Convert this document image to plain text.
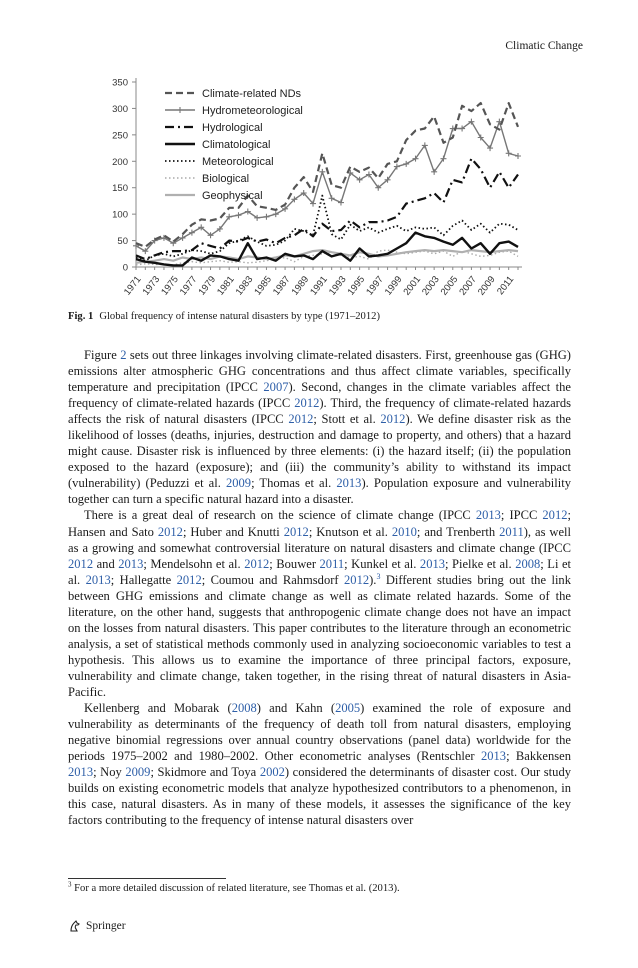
Climatic Change
0
50
100
150
200
250
300
350
1971
1973
1975
1977
1979
1981
1983
1985
1987
1989
1991
1993
1995
1997
1999
2001
2003
2005
2007
2009
2011
Climate-related NDs
Hydrometeorological
Hydrological
Climatological
Meteorological
Biological
Geophysical
Fig. 1 Global frequency of intense natural disasters by type (1971–2012)

Figure 2 sets out three linkages involving climate-related disasters. First, greenhouse gas (GHG) emissions alter atmospheric GHG concentrations and thus affect climate variables, specifically temperature and precipitation (IPCC 2007). Second, changes in the climate variables affect the frequency of climate-related hazards (IPCC 2012). Third, the frequency of climate-related hazards affects the risk of natural disasters (IPCC 2012; Stott et al. 2012). We define disaster risk as the likelihood of losses (deaths, injuries, destruction and damage to property, and others) that a hazard might cause. Disaster risk is influenced by three elements: (i) the hazard itself; (ii) the population exposed to the hazard (exposure); and (iii) the community’s ability to withstand its impact (vulnerability) (Peduzzi et al. 2009; Thomas et al. 2013). Population exposure and vulnerability together can turn a specific natural hazard into a disaster.

There is a great deal of research on the science of climate change (IPCC 2013; IPCC 2012; Hansen and Sato 2012; Huber and Knutti 2012; Knutson et al. 2010; and Trenberth 2011), as well as a growing and somewhat controversial literature on natural disasters and climate change (IPCC 2012 and 2013; Mendelsohn et al. 2012; Bouwer 2011; Kunkel et al. 2013; Pielke et al. 2008; Li et al. 2013; Hallegatte 2012; Coumou and Rahmsdorf 2012).$^3$ Different studies bring out the link between GHG emissions and climate change as well as climate related hazards. Some of the literature, on the other hand, suggests that anthropogenic climate change does not have an impact on the losses from natural disasters. This paper contributes to the literature through an econometric analysis, a set of statistical methods commonly used in analyzing socioeconomic variables to test a hypothesis. This allows us to examine the importance of three principal factors, exposure, vulnerability and climate change, taken together, in the rising threat of natural disasters in Asia-Pacific.

Kellenberg and Mobarak (2008) and Kahn (2005) examined the role of exposure and vulnerability as determinants of the frequency of death toll from natural disasters, employing negative binomial regressions over annual country observations (panel data) worldwide for the periods 1975–2002 and 1980–2002. Other econometric analyses (Rentschler 2013; Bakkensen 2013; Noy 2009; Skidmore and Toya 2002) considered the determinants of disaster cost. Our study builds on existing econometric models that analyze hypothesized contributors to a phenomenon, in this case, natural disasters. As in many of these models, it assesses the significance of the key factors contributing to the frequency of intense natural disasters over

$^3$ For a more detailed discussion of related literature, see Thomas et al. (2013).
Springer
